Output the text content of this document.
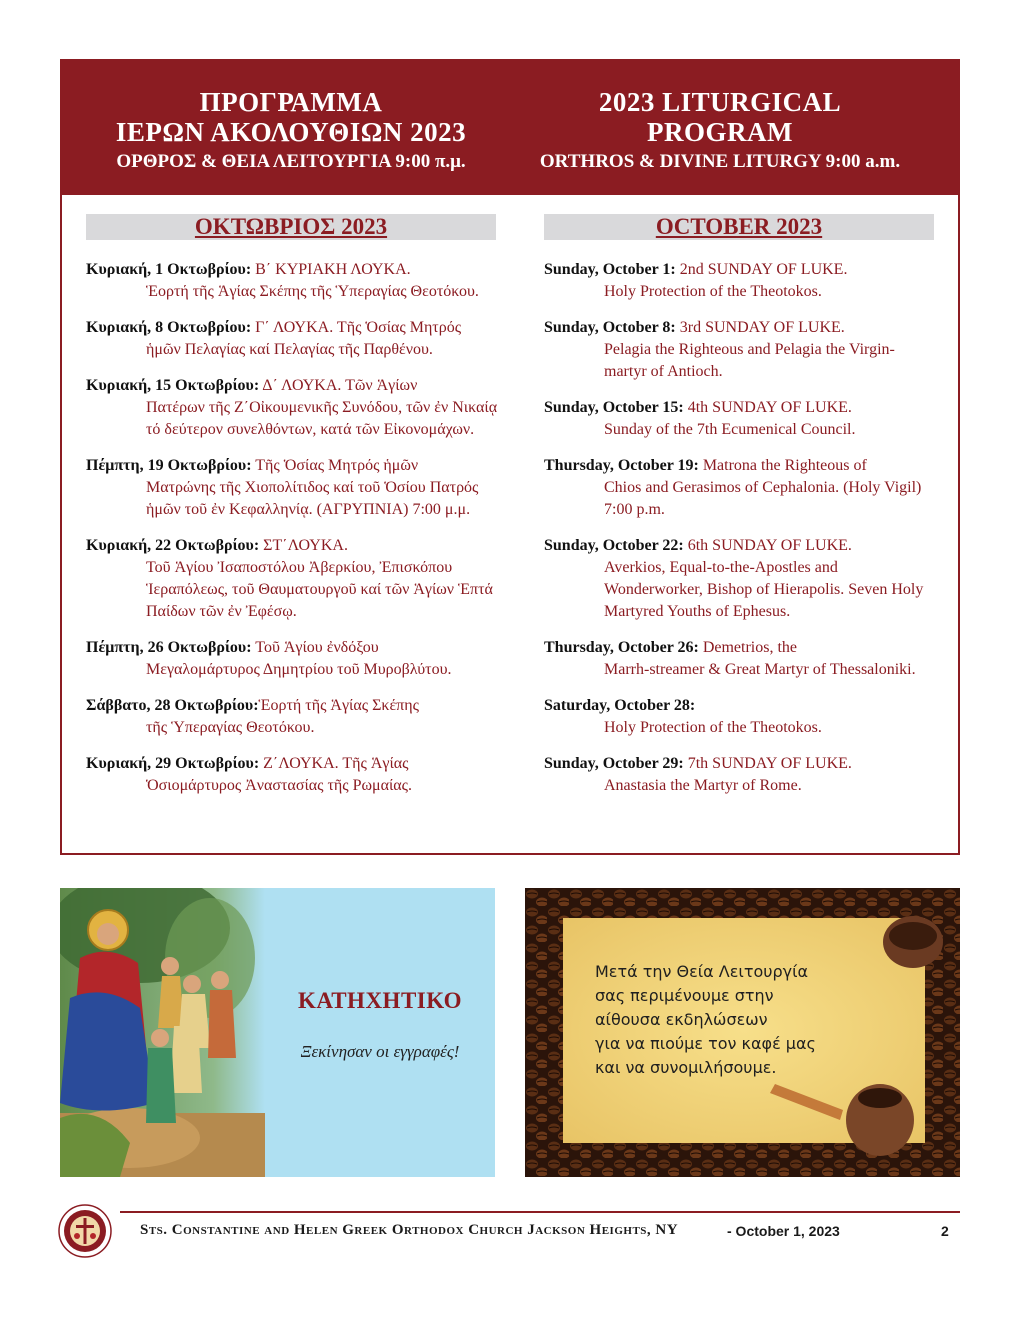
ΠΡΟΓΡΑΜΜΑ
ΙΕΡΩΝ ΑΚΟΛΟΥΘΙΩΝ 2023
ΟΡΘΡΟΣ & ΘΕΙΑ ΛΕΙΤΟΥΡΓΙΑ 9:00 π.μ.
2023 LITURGICAL
PROGRAM
ORTHROS & DIVINE LITURGY 9:00 a.m.
ΟΚΤΩΒΡΙΟΣ 2023	OCTOBER 2023
Κυριακή, 1 Οκτωβρίου: Β΄ ΚΥΡΙΑΚΗ ΛΟΥΚΑ.
Ἑορτή τῆς Ἁγίας Σκέπης τῆς Ὑπεραγίας Θεοτόκου.
Κυριακή, 8 Οκτωβρίου: Γ΄ ΛΟΥΚΑ. Τῆς Ὁσίας Μητρός
ἡμῶν Πελαγίας καί Πελαγίας τῆς Παρθένου.
Κυριακή, 15 Οκτωβρίου: Δ΄ ΛΟΥΚΑ. Τῶν Ἁγίων
Πατέρων τῆς Ζ΄Οἰκουμενικῆς Συνόδου, τῶν ἐν Νικαίᾳ τό δεύτερον συνελθόντων, κατά τῶν Εἰκονομάχων.
Πέμπτη, 19 Οκτωβρίου: Τῆς Ὁσίας Μητρός ἡμῶν
Ματρώνης τῆς Χιοπολίτιδος καί τοῦ Ὁσίου Πατρός ἡμῶν τοῦ ἐν Κεφαλληνίᾳ. (ΑΓΡΥΠΝΙΑ) 7:00 μ.μ.
Κυριακή, 22 Οκτωβρίου: ΣΤ΄ΛΟΥΚΑ.
Τοῦ Ἁγίου Ἰσαποστόλου Ἀβερκίου, Ἐπισκόπου Ἱεραπόλεως, τοῦ Θαυματουργοῦ καί τῶν Ἁγίων Ἑπτά Παίδων τῶν ἐν Ἐφέσῳ.
Πέμπτη, 26 Οκτωβρίου: Τοῦ Ἁγίου ἐνδόξου
Μεγαλομάρτυρος Δημητρίου τοῦ Μυροβλύτου.
Σάββατο, 28 Οκτωβρίου:Ἑορτή τῆς Ἁγίας Σκέπης
τῆς Ὑπεραγίας Θεοτόκου.
Κυριακή, 29 Οκτωβρίου: Ζ΄ΛΟΥΚΑ. Τῆς Ἁγίας
Ὁσιομάρτυρος Ἀναστασίας τῆς Ρωμαίας.
Sunday, October 1: 2nd SUNDAY OF LUKE.
Holy Protection of the Theotokos.
Sunday, October 8: 3rd SUNDAY OF LUKE.
Pelagia the Righteous and Pelagia the Virgin-martyr of Antioch.
Sunday, October 15: 4th SUNDAY OF LUKE.
Sunday of the 7th Ecumenical Council.
Thursday, October 19: Matrona the Righteous of
Chios and Gerasimos of Cephalonia. (Holy Vigil) 7:00 p.m.
Sunday, October 22: 6th SUNDAY OF LUKE.
Averkios, Equal-to-the-Apostles and Wonderworker, Bishop of Hierapolis. Seven Holy Martyred Youths of Ephesus.
Thursday, October 26: Demetrios, the
Marrh-streamer & Great Martyr of Thessaloniki.
Saturday, October 28:
Holy Protection of the Theotokos.
Sunday, October 29: 7th SUNDAY OF LUKE.
Anastasia the Martyr of Rome.
ΚΑΤΗΧΗΤΙΚΟ
Ξεκίνησαν οι εγγραφές!
Μετά την Θεία Λειτουργία
σας περιμένουμε στην
αίθουσα εκδηλώσεων
για να πιούμε τον καφέ μας
και να συνομιλήσουμε.
Sts. Constantine and Helen Greek Orthodox Church Jackson Heights, NY	- October 1, 2023	2
